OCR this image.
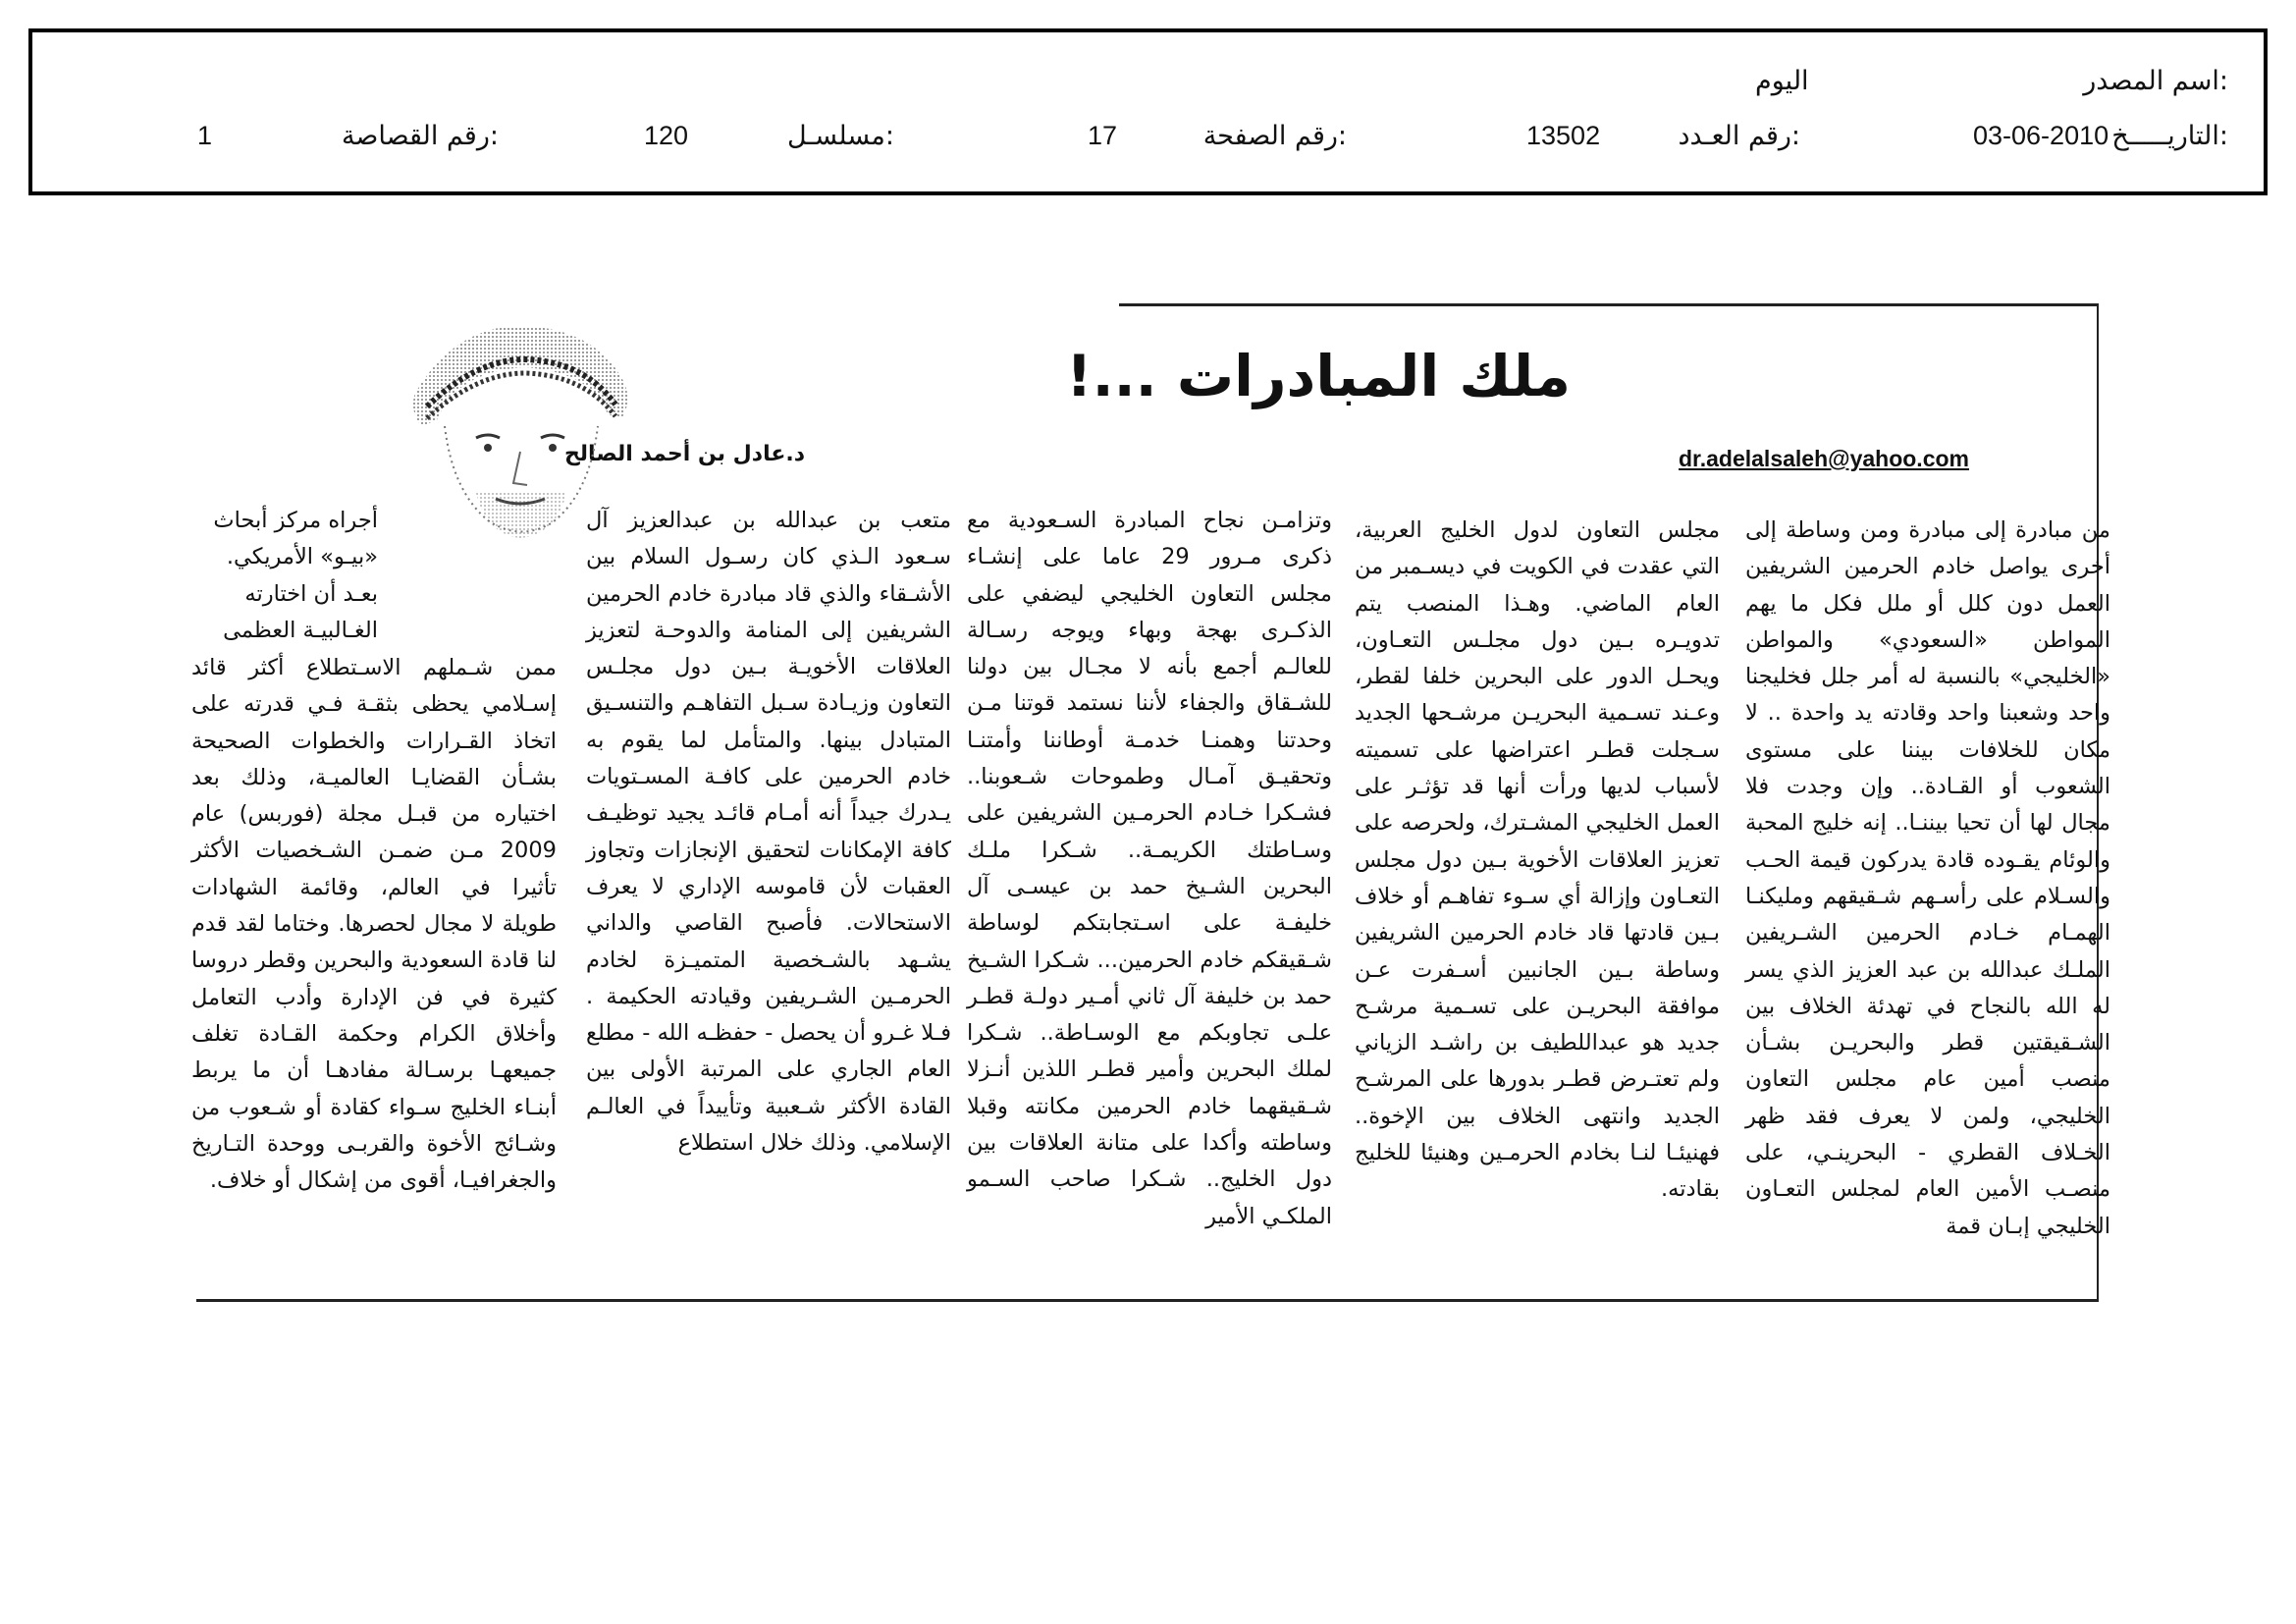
اسم المصدر:
اليوم
التاريـــــخ:
03-06-2010
رقم العـدد:
13502
رقم الصفحة:
17
مسلسـل:
120
رقم القصاصة:
1
ملك المبادرات ...!
dr.adelalsaleh@yahoo.com
د.عادل بن أحمد الصالح

من مبادرة إلى مبادرة ومن وساطة إلى أخرى يواصل خادم الحرمين الشريفين العمل دون كلل أو ملل فكل ما يهم المواطن «السعودي» والمواطن «الخليجي» بالنسبة له أمر جلل فخليجنا واحد وشعبنا واحد وقادته يد واحدة .. لا مكان للخلافات بيننا على مستوى الشعوب أو القـادة.. وإن وجدت فلا مجال لها أن تحيا بيننـا.. إنه خليج المحبة والوئام يقـوده قادة يدركون قيمة الحـب والسـلام على رأسـهم شـقيقهم ومليكنـا الهمـام خـادم الحرمين الشـريفين الملـك عبدالله بن عبد العزيز الذي يسر له الله بالنجاح في تهدئة الخلاف بين الشـقيقتين قطر والبحريـن بشـأن منصب أمين عام مجلس التعاون الخليجي، ولمن لا يعرف فقد ظهر الخـلاف القطري - البحرينـي، على منصـب الأمين العام لمجلس التعـاون الخليجي إبـان قمة

مجلس التعاون لدول الخليج العربية، التي عقدت في الكويت في ديسـمبر من العام الماضي. وهـذا المنصب يتم تدويـره بـين دول مجلـس التعـاون، ويحـل الدور على البحرين خلفا لقطر، وعـند تسـمية البحريـن مرشـحها الجديد سـجلت قطـر اعتراضها على تسميته لأسباب لديها ورأت أنها قد تؤثـر على العمل الخليجي المشـترك، ولحرصه على تعزيز العلاقات الأخوية بـين دول مجلس التعـاون وإزالة أي سـوء تفاهـم أو خلاف بـين قادتها قاد خادم الحرمين الشريفين وساطة بـين الجانبين أسـفرت عـن موافقة البحريـن على تسـمية مرشـح جديد هو عبداللطيف بن راشـد الزياني ولم تعتـرض قطـر بدورها على المرشـح الجديد وانتهى الخلاف بين الإخوة.. فهنيئـا لنـا بخادم الحرمـين وهنيئا للخليج بقادته.

وتزامـن نجاح المبادرة السـعودية مع ذكرى مـرور 29 عاما على إنشـاء مجلس التعاون الخليجي ليضفي على الذكـرى بهجة وبهاء ويوجه رسـالة للعالـم أجمع بأنه لا مجـال بين دولنا للشـقاق والجفاء لأننا نستمد قوتنا مـن وحدتنا وهمنـا خدمـة أوطاننا وأمتنـا وتحقيـق آمـال وطموحات شـعوبنا.. فشـكرا خـادم الحرمـين الشريفين على وسـاطتك الكريمـة.. شـكرا ملـك البحرين الشـيخ حمد بن عيسـى آل خليفـة على اسـتجابتكم لوساطة شـقيقكم خادم الحرمين... شـكرا الشـيخ حمد بن خليفة آل ثاني أمـير دولـة قطـر علـى تجاوبكم مع الوسـاطة.. شـكرا لملك البحرين وأمير قطـر اللذين أنـزلا شـقيقهما خادم الحرمين مكانته وقبلا وساطته وأكدا على متانة العلاقات بين دول الخليج.. شـكرا صاحب السـمو الملكـي الأمير

متعب بن عبدالله بن عبدالعزيز آل سـعود الـذي كان رسـول السلام بين الأشـقاء والذي قاد مبادرة خادم الحرمين الشريفين إلى المنامة والدوحـة لتعزيز العلاقات الأخويـة بـين دول مجلـس التعاون وزيـادة سـبل التفاهـم والتنسـيق المتبادل بينها. والمتأمل لما يقوم به خادم الحرمين على كافـة المسـتويات يـدرك جيداً أنه أمـام قائـد يجيد توظيـف كافة الإمكانات لتحقيق الإنجازات وتجاوز العقبات لأن قاموسه الإداري لا يعرف الاستحالات. فأصبح القاصي والداني يشـهد بالشـخصية المتميـزة لخادم الحرمـين الشـريفين وقيادته الحكيمة . فـلا غـرو أن يحصل - حفظـه الله - مطلع العام الجاري على المرتبة الأولى بين القادة الأكثر شـعبية وتأييداً في العالـم الإسلامي. وذلك خلال استطلاع

أجراه مركز أبحاث «بيـو» الأمريكي. بعـد أن اختارته الغـالبيـة العظمى

ممن شـملهم الاسـتطلاع أكثر قائد إسـلامي يحظى بثقـة فـي قدرته على اتخاذ القـرارات والخطوات الصحيحة بشـأن القضايـا العالميـة، وذلك بعد اختياره من قبـل مجلة (فوربس) عام 2009 مـن ضمـن الشـخصيات الأكثر تأثيرا في العالم، وقائمة الشهادات طويلة لا مجال لحصرها. وختاما لقد قدم لنا قادة السعودية والبحرين وقطر دروسا كثيرة في فن الإدارة وأدب التعامل وأخلاق الكرام وحكمة القـادة تغلف جميعهـا برسـالة مفادهـا أن ما يربط أبنـاء الخليج سـواء كقادة أو شـعوب من وشـائج الأخوة والقربـى ووحدة التـاريخ والجغرافيـا، أقوى من إشكال أو خلاف.
